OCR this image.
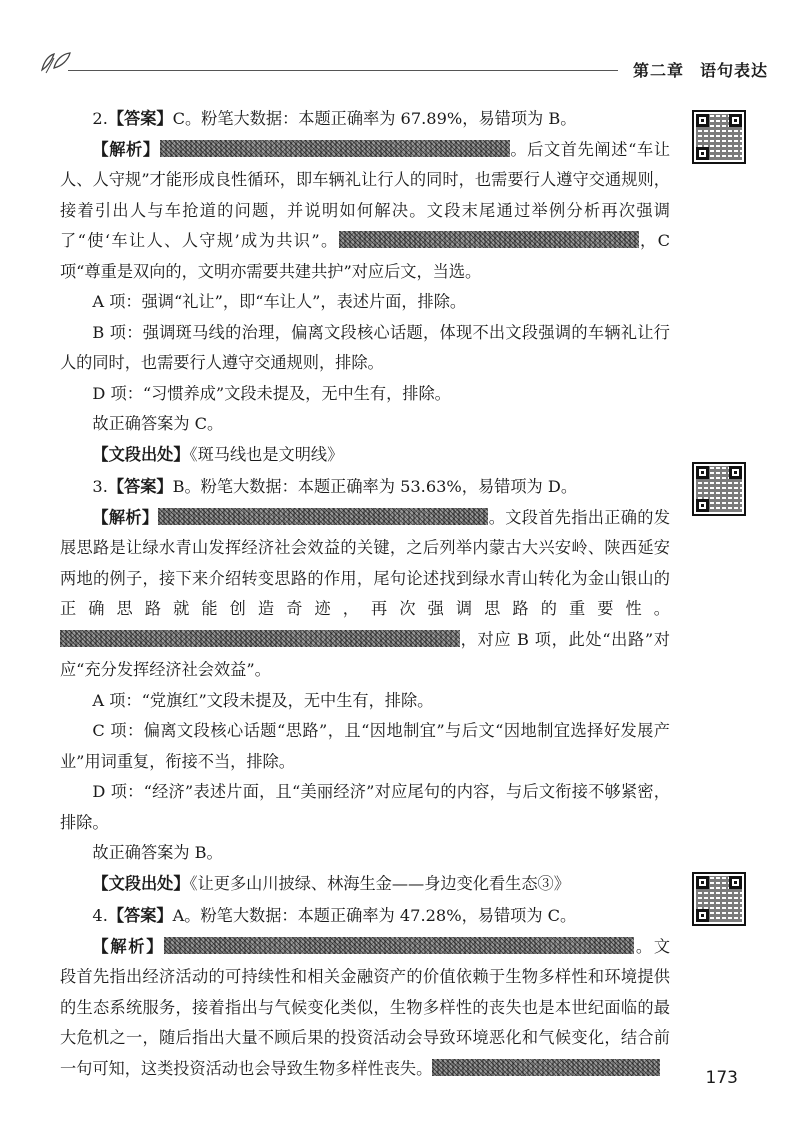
第二章 语句表达

2.【答案】C。粉笔大数据：本题正确率为 67.89%，易错项为 B。

【解析】	。后文首先阐述“车让人、人守规”才能形成良性循环，即车辆礼让行人的同时，也需要行人遵守交通规则，接着引出人与车抢道的问题，并说明如何解决。文段末尾通过举例分析再次强调了“使‘车让人、人守规’成为共识”。	，C 项“尊重是双向的，文明亦需要共建共护”对应后文，当选。

A 项：强调“礼让”，即“车让人”，表述片面，排除。

B 项：强调斑马线的治理，偏离文段核心话题，体现不出文段强调的车辆礼让行人的同时，也需要行人遵守交通规则，排除。

D 项：“习惯养成”文段未提及，无中生有，排除。

故正确答案为 C。

【文段出处】《斑马线也是文明线》

3.【答案】B。粉笔大数据：本题正确率为 53.63%，易错项为 D。

【解析】	。文段首先指出正确的发展思路是让绿水青山发挥经济社会效益的关键，之后列举内蒙古大兴安岭、陕西延安两地的例子，接下来介绍转变思路的作用，尾句论述找到绿水青山转化为金山银山的正确思路就能创造奇迹，再次强调思路的重要性。，对应 B 项，此处“出路”对应“充分发挥经济社会效益”。

A 项：“党旗红”文段未提及，无中生有，排除。

C 项：偏离文段核心话题“思路”，且“因地制宜”与后文“因地制宜选择好发展产业”用词重复，衔接不当，排除。

D 项：“经济”表述片面，且“美丽经济”对应尾句的内容，与后文衔接不够紧密，排除。

故正确答案为 B。

【文段出处】《让更多山川披绿、林海生金——身边变化看生态③》

4.【答案】A。粉笔大数据：本题正确率为 47.28%，易错项为 C。

【解析】	。文段首先指出经济活动的可持续性和相关金融资产的价值依赖于生物多样性和环境提供的生态系统服务，接着指出与气候变化类似，生物多样性的丧失也是本世纪面临的最大危机之一，随后指出大量不顾后果的投资活动会导致环境恶化和气候变化，结合前一句可知，这类投资活动也会导致生物多样性丧失。	173
